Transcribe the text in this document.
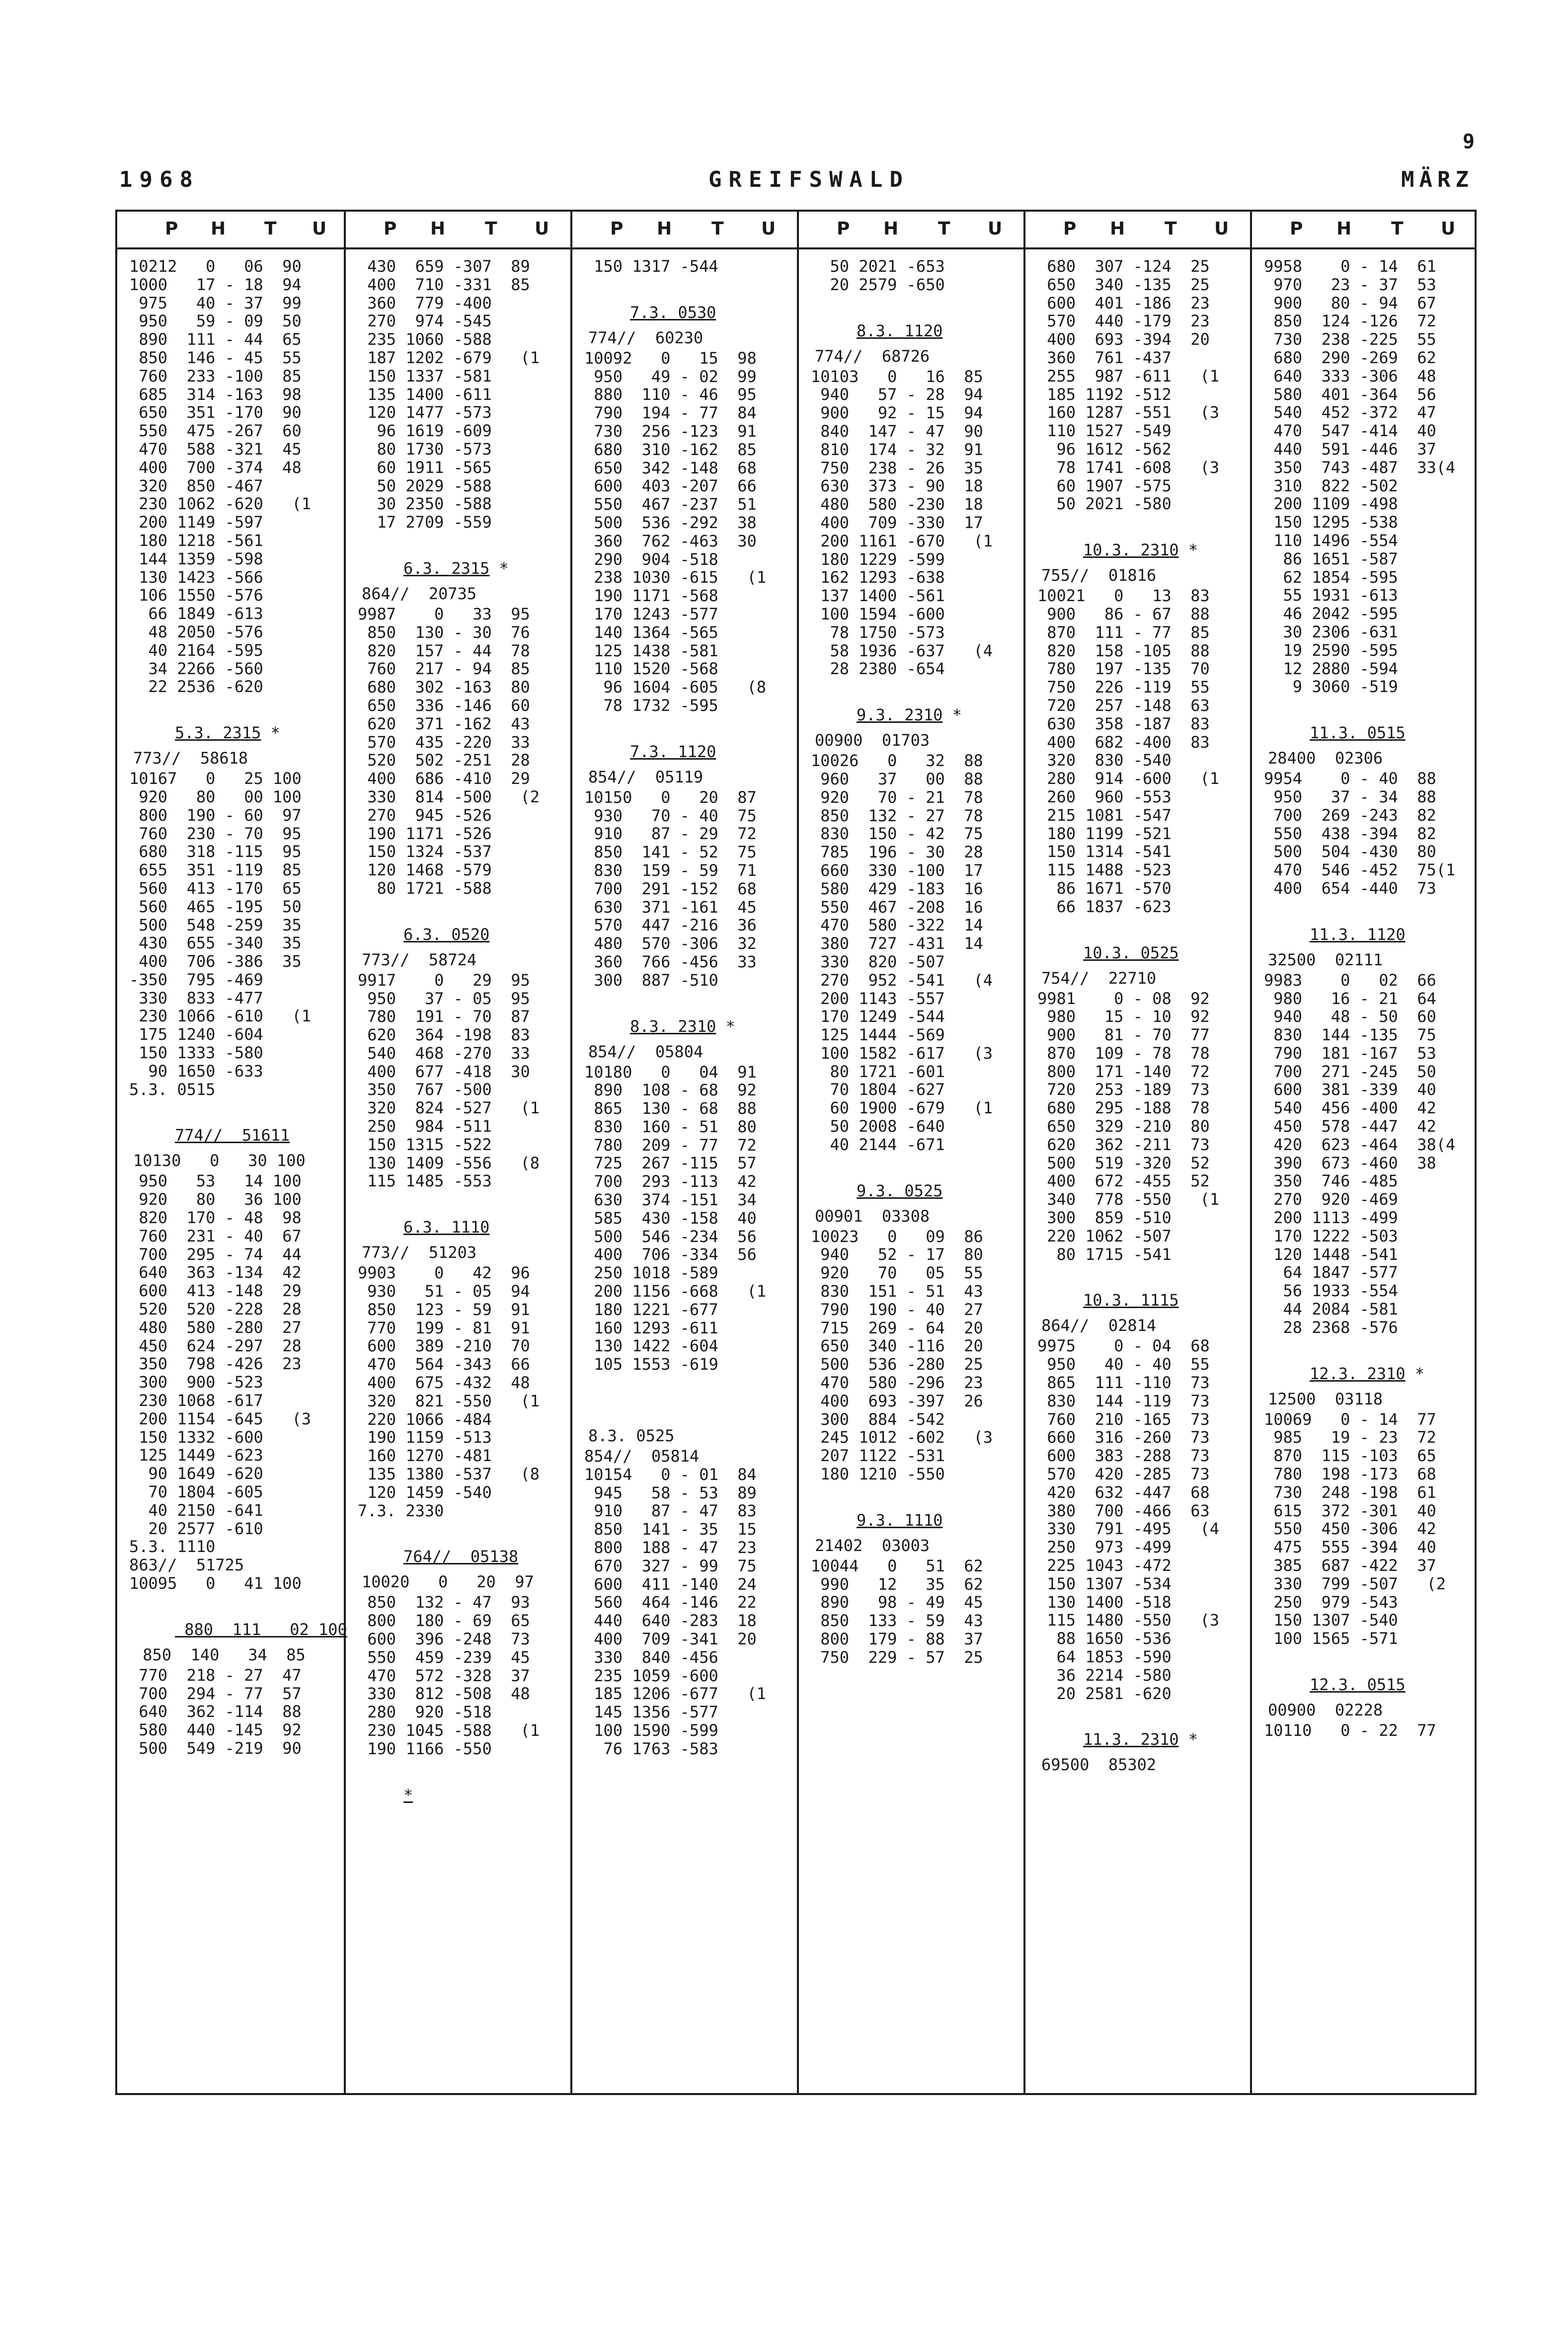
9
1968	GREIFSWALD	MÄRZ
P H T U
10212   0   06  90
1000   17 - 18  94
975   40 - 37  99
950   59 - 09  50
890  111 - 44  65
850  146 - 45  55
760  233 -100  85
685  314 -163  98
650  351 -170  90
550  475 -267  60
470  588 -321  45
400  700 -374  48
320  850 -467
230 1062 -620   (1
200 1149 -597
180 1218 -561
144 1359 -598
130 1423 -566
106 1550 -576
66 1849 -613
48 2050 -576
40 2164 -595
34 2266 -560
22 2536 -620
5.3. 2315 *
773//  58618
10167   0   25 100
920   80   00 100
800  190 - 60  97
760  230 - 70  95
680  318 -115  95
655  351 -119  85
560  413 -170  65
560  465 -195  50
500  548 -259  35
430  655 -340  35
400  706 -386  35
-350  795 -469
330  833 -477
230 1066 -610   (1
175 1240 -604
150 1333 -580
90 1650 -633
5.3. 0515
774//  51611
10130   0   30 100
950   53   14 100
920   80   36 100
820  170 - 48  98
760  231 - 40  67
700  295 - 74  44
640  363 -134  42
600  413 -148  29
520  520 -228  28
480  580 -280  27
450  624 -297  28
350  798 -426  23
300  900 -523
230 1068 -617
200 1154 -645   (3
150 1332 -600
125 1449 -623
90 1649 -620
70 1804 -605
40 2150 -641
20 2577 -610
5.3. 1110
863//  51725
10095   0   41 100
880  111   02 100
850  140   34  85
770  218 - 27  47
700  294 - 77  57
640  362 -114  88
580  440 -145  92
500  549 -219  90
P H T U
430  659 -307  89
400  710 -331  85
360  779 -400
270  974 -545
235 1060 -588
187 1202 -679   (1
150 1337 -581
135 1400 -611
120 1477 -573
96 1619 -609
80 1730 -573
60 1911 -565
50 2029 -588
30 2350 -588
17 2709 -559
6.3. 2315 *
864//  20735
9987    0   33  95
850  130 - 30  76
820  157 - 44  78
760  217 - 94  85
680  302 -163  80
650  336 -146  60
620  371 -162  43
570  435 -220  33
520  502 -251  28
400  686 -410  29
330  814 -500   (2
270  945 -526
190 1171 -526
150 1324 -537
120 1468 -579
80 1721 -588
6.3. 0520
773//  58724
9917    0   29  95
950   37 - 05  95
780  191 - 70  87
620  364 -198  83
540  468 -270  33
400  677 -418  30
350  767 -500
320  824 -527   (1
250  984 -511
150 1315 -522
130 1409 -556   (8
115 1485 -553
6.3. 1110
773//  51203
9903    0   42  96
930   51 - 05  94
850  123 - 59  91
770  199 - 81  91
600  389 -210  70
470  564 -343  66
400  675 -432  48
320  821 -550   (1
220 1066 -484
190 1159 -513
160 1270 -481
135 1380 -537   (8
120 1459 -540
7.3. 2330
764//  05138
10020   0   20  97
850  132 - 47  93
800  180 - 69  65
600  396 -248  73
550  459 -239  45
470  572 -328  37
330  812 -508  48
280  920 -518
230 1045 -588   (1
190 1166 -550
*
P H T U
150 1317 -544
7.3. 0530
774//  60230
10092   0   15  98
950   49 - 02  99
880  110 - 46  95
790  194 - 77  84
730  256 -123  91
680  310 -162  85
650  342 -148  68
600  403 -207  66
550  467 -237  51
500  536 -292  38
360  762 -463  30
290  904 -518
238 1030 -615   (1
190 1171 -568
170 1243 -577
140 1364 -565
125 1438 -581
110 1520 -568
96 1604 -605   (8
78 1732 -595
7.3. 1120
854//  05119
10150   0   20  87
930   70 - 40  75
910   87 - 29  72
850  141 - 52  75
830  159 - 59  71
700  291 -152  68
630  371 -161  45
570  447 -216  36
480  570 -306  32
360  766 -456  33
300  887 -510
8.3. 2310 *
854//  05804
10180   0   04  91
890  108 - 68  92
865  130 - 68  88
830  160 - 51  80
780  209 - 77  72
725  267 -115  57
700  293 -113  42
630  374 -151  34
585  430 -158  40
500  546 -234  56
400  706 -334  56
250 1018 -589
200 1156 -668   (1
180 1221 -677
160 1293 -611
130 1422 -604
105 1553 -619
8.3. 0525
854//  05814
10154   0 - 01  84
945   58 - 53  89
910   87 - 47  83
850  141 - 35  15
800  188 - 47  23
670  327 - 99  75
600  411 -140  24
560  464 -146  22
440  640 -283  18
400  709 -341  20
330  840 -456
235 1059 -600
185 1206 -677   (1
145 1356 -577
100 1590 -599
76 1763 -583
P H T U
50 2021 -653
20 2579 -650
8.3. 1120
774//  68726
10103   0   16  85
940   57 - 28  94
900   92 - 15  94
840  147 - 47  90
810  174 - 32  91
750  238 - 26  35
630  373 - 90  18
480  580 -230  18
400  709 -330  17
200 1161 -670   (1
180 1229 -599
162 1293 -638
137 1400 -561
100 1594 -600
78 1750 -573
58 1936 -637   (4
28 2380 -654
9.3. 2310 *
00900  01703
10026   0   32  88
960   37   00  88
920   70 - 21  78
850  132 - 27  78
830  150 - 42  75
785  196 - 30  28
660  330 -100  17
580  429 -183  16
550  467 -208  16
470  580 -322  14
380  727 -431  14
330  820 -507
270  952 -541   (4
200 1143 -557
170 1249 -544
125 1444 -569
100 1582 -617   (3
80 1721 -601
70 1804 -627
60 1900 -679   (1
50 2008 -640
40 2144 -671
9.3. 0525
00901  03308
10023   0   09  86
940   52 - 17  80
920   70   05  55
830  151 - 51  43
790  190 - 40  27
715  269 - 64  20
650  340 -116  20
500  536 -280  25
470  580 -296  23
400  693 -397  26
300  884 -542
245 1012 -602   (3
207 1122 -531
180 1210 -550
9.3. 1110
21402  03003
10044   0   51  62
990   12   35  62
890   98 - 49  45
850  133 - 59  43
800  179 - 88  37
750  229 - 57  25
P H T U
680  307 -124  25
650  340 -135  25
600  401 -186  23
570  440 -179  23
400  693 -394  20
360  761 -437
255  987 -611   (1
185 1192 -512
160 1287 -551   (3
110 1527 -549
96 1612 -562
78 1741 -608   (3
60 1907 -575
50 2021 -580
10.3. 2310 *
755//  01816
10021   0   13  83
900   86 - 67  88
870  111 - 77  85
820  158 -105  88
780  197 -135  70
750  226 -119  55
720  257 -148  63
630  358 -187  83
400  682 -400  83
320  830 -540
280  914 -600   (1
260  960 -553
215 1081 -547
180 1199 -521
150 1314 -541
115 1488 -523
86 1671 -570
66 1837 -623
10.3. 0525
754//  22710
9981    0 - 08  92
980   15 - 10  92
900   81 - 70  77
870  109 - 78  78
800  171 -140  72
720  253 -189  73
680  295 -188  78
650  329 -210  80
620  362 -211  73
500  519 -320  52
400  672 -455  52
340  778 -550   (1
300  859 -510
220 1062 -507
80 1715 -541
10.3. 1115
864//  02814
9975    0 - 04  68
950   40 - 40  55
865  111 -110  73
830  144 -119  73
760  210 -165  73
660  316 -260  73
600  383 -288  73
570  420 -285  73
420  632 -447  68
380  700 -466  63
330  791 -495   (4
250  973 -499
225 1043 -472
150 1307 -534
130 1400 -518
115 1480 -550   (3
88 1650 -536
64 1853 -590
36 2214 -580
20 2581 -620
11.3. 2310 *
69500  85302
P H T U
9958    0 - 14  61
970   23 - 37  53
900   80 - 94  67
850  124 -126  72
730  238 -225  55
680  290 -269  62
640  333 -306  48
580  401 -364  56
540  452 -372  47
470  547 -414  40
440  591 -446  37
350  743 -487  33(4
310  822 -502
200 1109 -498
150 1295 -538
110 1496 -554
86 1651 -587
62 1854 -595
55 1931 -613
46 2042 -595
30 2306 -631
19 2590 -595
12 2880 -594
9 3060 -519
11.3. 0515
28400  02306
9954    0 - 40  88
950   37 - 34  88
700  269 -243  82
550  438 -394  82
500  504 -430  80
470  546 -452  75(1
400  654 -440  73
11.3. 1120
32500  02111
9983    0   02  66
980   16 - 21  64
940   48 - 50  60
830  144 -135  75
790  181 -167  53
700  271 -245  50
600  381 -339  40
540  456 -400  42
450  578 -447  42
420  623 -464  38(4
390  673 -460  38
350  746 -485
270  920 -469
200 1113 -499
170 1222 -503
120 1448 -541
64 1847 -577
56 1933 -554
44 2084 -581
28 2368 -576
12.3. 2310 *
12500  03118
10069   0 - 14  77
985   19 - 23  72
870  115 -103  65
780  198 -173  68
730  248 -198  61
615  372 -301  40
550  450 -306  42
475  555 -394  40
385  687 -422  37
330  799 -507   (2
250  979 -543
150 1307 -540
100 1565 -571
12.3. 0515
00900  02228
10110   0 - 22  77
